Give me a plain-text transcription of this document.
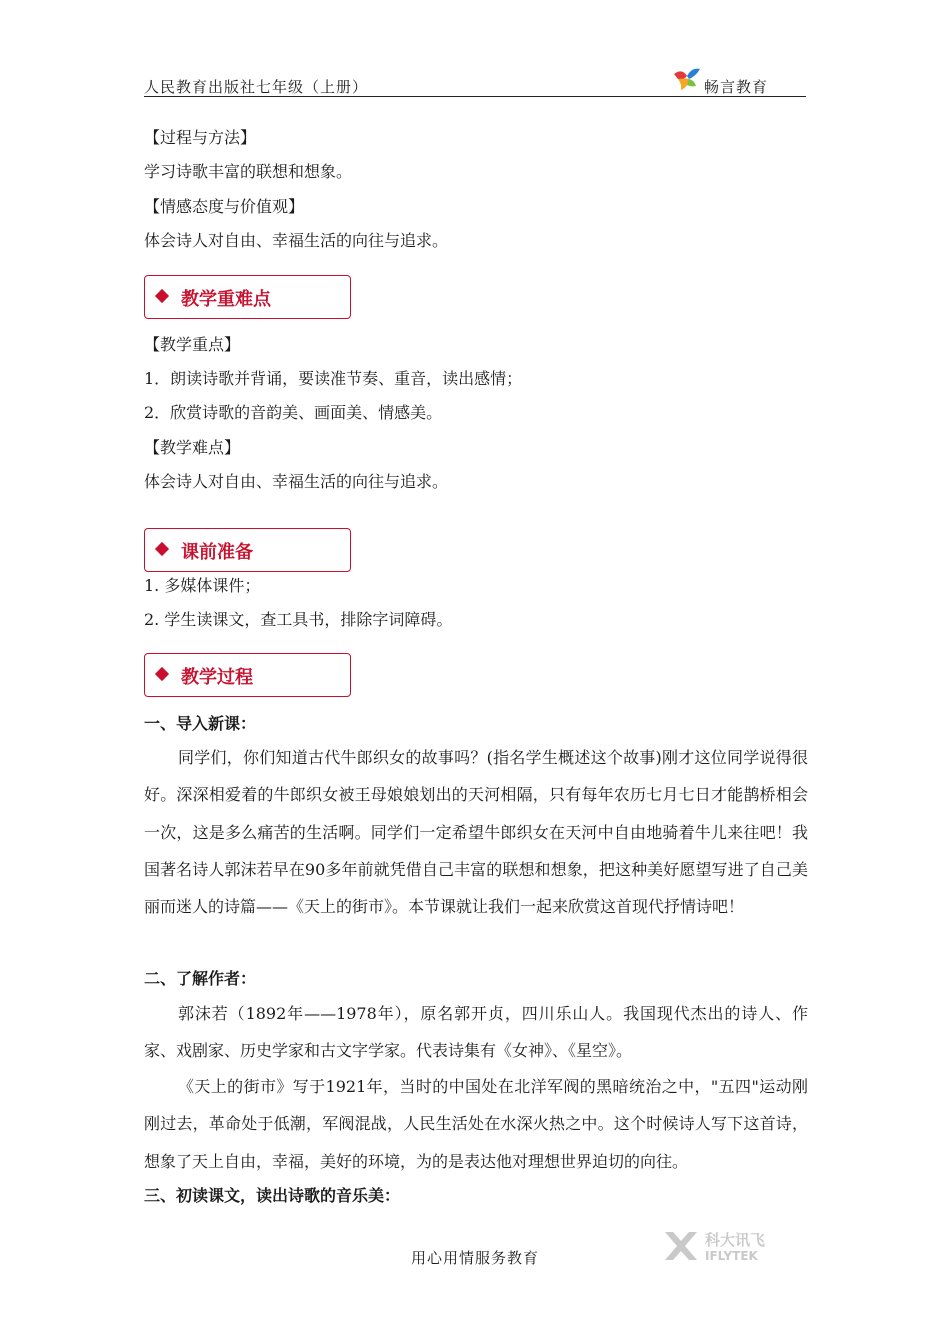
人民教育出版社七年级（上册）	畅言教育
【过程与方法】
学习诗歌丰富的联想和想象。
【情感态度与价值观】
体会诗人对自由、幸福生活的向往与追求。
教学重难点
【教学重点】
1．朗读诗歌并背诵，要读准节奏、重音，读出感情；
2．欣赏诗歌的音韵美、画面美、情感美。
【教学难点】
体会诗人对自由、幸福生活的向往与追求。
课前准备
1. 多媒体课件；
2. 学生读课文，查工具书，排除字词障碍。
教学过程
一、导入新课：
同学们，你们知道古代牛郎织女的故事吗？(指名学生概述这个故事)刚才这位同学说得很好。深深相爱着的牛郎织女被王母娘娘划出的天河相隔，只有每年农历七月七日才能鹊桥相会一次，这是多么痛苦的生活啊。同学们一定希望牛郎织女在天河中自由地骑着牛儿来往吧！我国著名诗人郭沫若早在90多年前就凭借自己丰富的联想和想象，把这种美好愿望写进了自己美丽而迷人的诗篇——《天上的街市》。本节课就让我们一起来欣赏这首现代抒情诗吧！
二、了解作者：
郭沫若（1892年——1978年），原名郭开贞，四川乐山人。我国现代杰出的诗人、作家、戏剧家、历史学家和古文字学家。代表诗集有《女神》、《星空》。
《天上的街市》写于1921年，当时的中国处在北洋军阀的黑暗统治之中，"五四"运动刚刚过去，革命处于低潮，军阀混战，人民生活处在水深火热之中。这个时候诗人写下这首诗，想象了天上自由，幸福，美好的环境，为的是表达他对理想世界迫切的向往。
三、初读课文，读出诗歌的音乐美：
用心用情服务教育
科大讯飞
IFLYTEK
